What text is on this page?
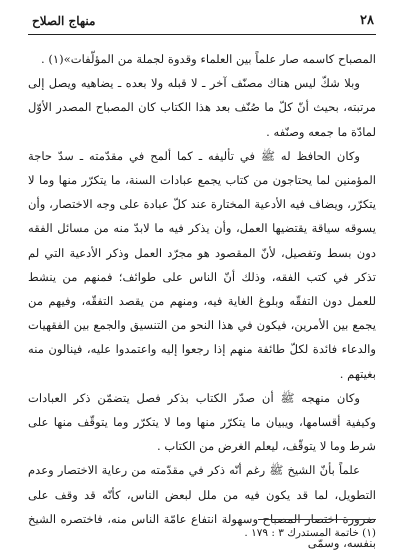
٢٨
منهاج الصلاح

المصباح كاسمه صار علماً بين العلماء وقدوة لجملة من المؤلّفات»(١) .

وبلا شكّ ليس هناك مصنّف آخر ـ لا قبله ولا بعده ـ يضاهيه ويصل إلى مرتبته، بحيث أنّ كلّ ما صُنّف بعد هذا الكتاب كان المصباح المصدر الأوّل لمادّة ما جمعه وصنّفه .

وكان الحافظ له ﷺ في تأليفه ـ كما ألمح في مقدّمته ـ سدّ حاجة المؤمنين لما يحتاجون من كتاب يجمع عبادات السنة، ما يتكرّر منها وما لا يتكرّر، ويضاف فيه الأدعية المختارة عند كلّ عبادة على وجه الاختصار، وأن يسوقه سياقة يقتضيها العمل، وأن يذكر فيه ما لابدّ منه من مسائل الفقه دون بسط وتفصيل، لأنّ المقصود هو مجرّد العمل وذكر الأدعية التي لم تذكر في كتب الفقه، وذلك أنّ الناس على طوائف؛ فمنهم من ينشط للعمل دون التفقّه وبلوغ الغاية فيه، ومنهم من يقصد التفقّه، وفيهم من يجمع بين الأمرين، فيكون في هذا النحو من التنسيق والجمع بين الفقهيات والدعاء فائدة لكلّ طائفة منهم إذا رجعوا إليه واعتمدوا عليه، فينالون منه بغيتهم .

وكان منهجه ﷺ أن صدّر الكتاب بذكر فصل يتضمّن ذكر العبادات وكيفية أقسامها، ويبيان ما يتكرّر منها وما لا يتكرّر وما يتوقّف منها على شرط وما لا يتوقّف، ليعلم الغرض من الكتاب .

علماً بأنّ الشيخ ﷺ رغم أنّه ذكر في مقدّمته من رعاية الاختصار وعدم التطويل، لما قد يكون فيه من ملل لبعض الناس، كأنّه قد وقف على ضرورة اختصار المصباح وسهولة انتفاع عامّة الناس منه، فاختصره الشيخ بنفسه، وسمّى

(١) خاتمة المستدرك ٣ : ١٧٩ .
